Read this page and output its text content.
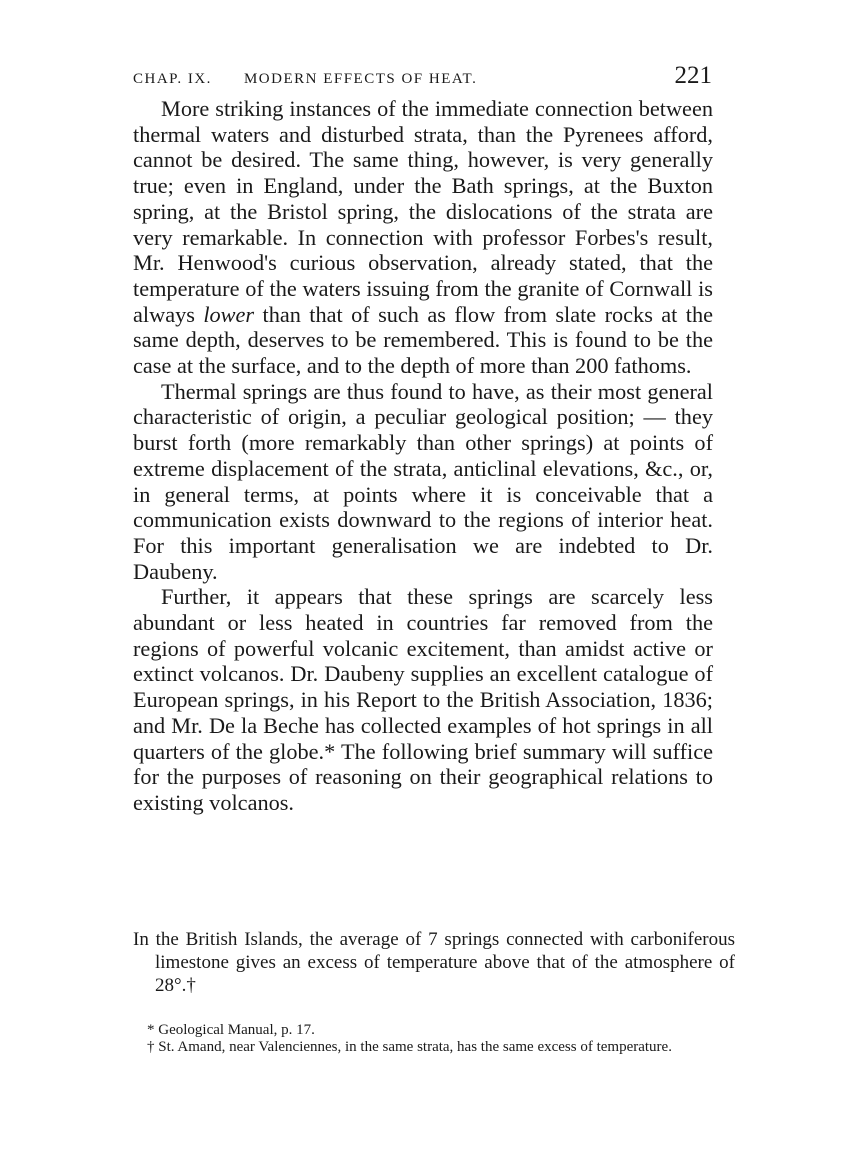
CHAP. IX. MODERN EFFECTS OF HEAT.	221

More striking instances of the immediate connection between thermal waters and disturbed strata, than the Pyrenees afford, cannot be desired. The same thing, however, is very generally true; even in England, under the Bath springs, at the Buxton spring, at the Bristol spring, the dislocations of the strata are very remarkable. In connection with professor Forbes's result, Mr. Henwood's curious observation, already stated, that the temperature of the waters issuing from the granite of Cornwall is always lower than that of such as flow from slate rocks at the same depth, deserves to be remembered. This is found to be the case at the surface, and to the depth of more than 200 fathoms.

Thermal springs are thus found to have, as their most general characteristic of origin, a peculiar geological position; — they burst forth (more remarkably than other springs) at points of extreme displacement of the strata, anticlinal elevations, &c., or, in general terms, at points where it is conceivable that a communication exists downward to the regions of interior heat. For this important generalisation we are indebted to Dr. Daubeny.

Further, it appears that these springs are scarcely less abundant or less heated in countries far removed from the regions of powerful volcanic excitement, than amidst active or extinct volcanos. Dr. Daubeny supplies an excellent catalogue of European springs, in his Report to the British Association, 1836; and Mr. De la Beche has collected examples of hot springs in all quarters of the globe.* The following brief summary will suffice for the purposes of reasoning on their geographical relations to existing volcanos.

In the British Islands, the average of 7 springs connected with carboniferous limestone gives an excess of temperature above that of the atmosphere of 28°.†

* Geological Manual, p. 17.

† St. Amand, near Valenciennes, in the same strata, has the same excess of temperature.
